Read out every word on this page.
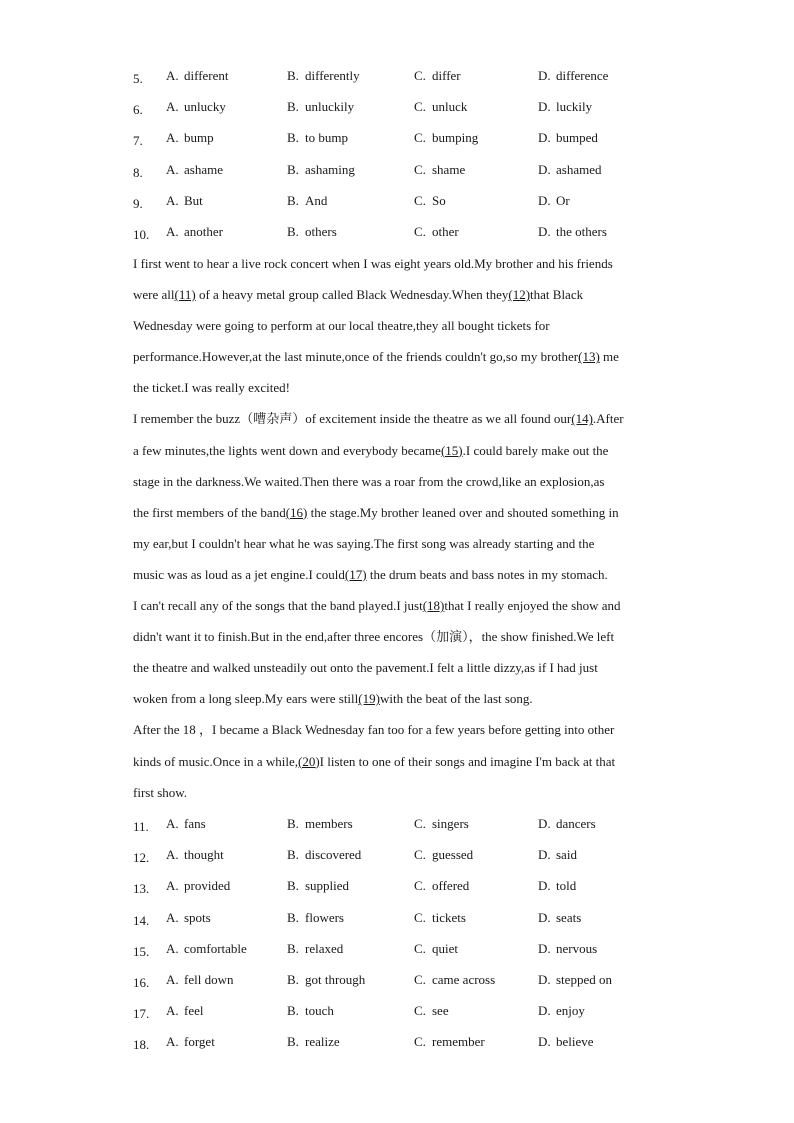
5. A. different	B. differently	C. differ	D. difference
6. A. unlucky	B. unluckily	C. unluck	D. luckily
7. A. bump	B. to bump	C. bumping	D. bumped
8. A. ashame	B. ashaming	C. shame	D. ashamed
9. A. But	B. And	C. So	D. Or
10. A. another	B. others	C. other	D. the others
I first went to hear a live rock concert when I was eight years old.My brother and his friends
were all(11) of a heavy metal group called Black Wednesday.When they(12)that Black
Wednesday were going to perform at our local theatre,they all bought tickets for
performance.However,at the last minute,once of the friends couldn't go,so my brother(13) me
the ticket.I was really excited!
I remember the buzz（嘈杂声）of excitement inside the theatre as we all found our(14).After
a few minutes,the lights went down and everybody became(15).I could barely make out the
stage in the darkness.We waited.Then there was a roar from the crowd,like an explosion,as
the first members of the band(16) the stage.My brother leaned over and shouted something in
my ear,but I couldn't hear what he was saying.The first song was already starting and the
music was as loud as a jet engine.I could(17) the drum beats and bass notes in my stomach.
I can't recall any of the songs that the band played.I just(18)that I really enjoyed the show and
didn't want it to finish.But in the end,after three encores（加演），the show finished.We left
the theatre and walked unsteadily out onto the pavement.I felt a little dizzy,as if I had just
woken from a long sleep.My ears were still(19)with the beat of the last song.
After the 18 ，I became a Black Wednesday fan too for a few years before getting into other
kinds of music.Once in a while,(20)I listen to one of their songs and imagine I'm back at that
first show.
11. A. fans	B. members	C. singers	D. dancers
12. A. thought	B. discovered	C. guessed	D. said
13. A. provided	B. supplied	C. offered	D. told
14. A. spots	B. flowers	C. tickets	D. seats
15. A. comfortable	B. relaxed	C. quiet	D. nervous
16. A. fell down	B. got through	C. came across	D. stepped on
17. A. feel	B. touch	C. see	D. enjoy
18. A. forget	B. realize	C. remember	D. believe
